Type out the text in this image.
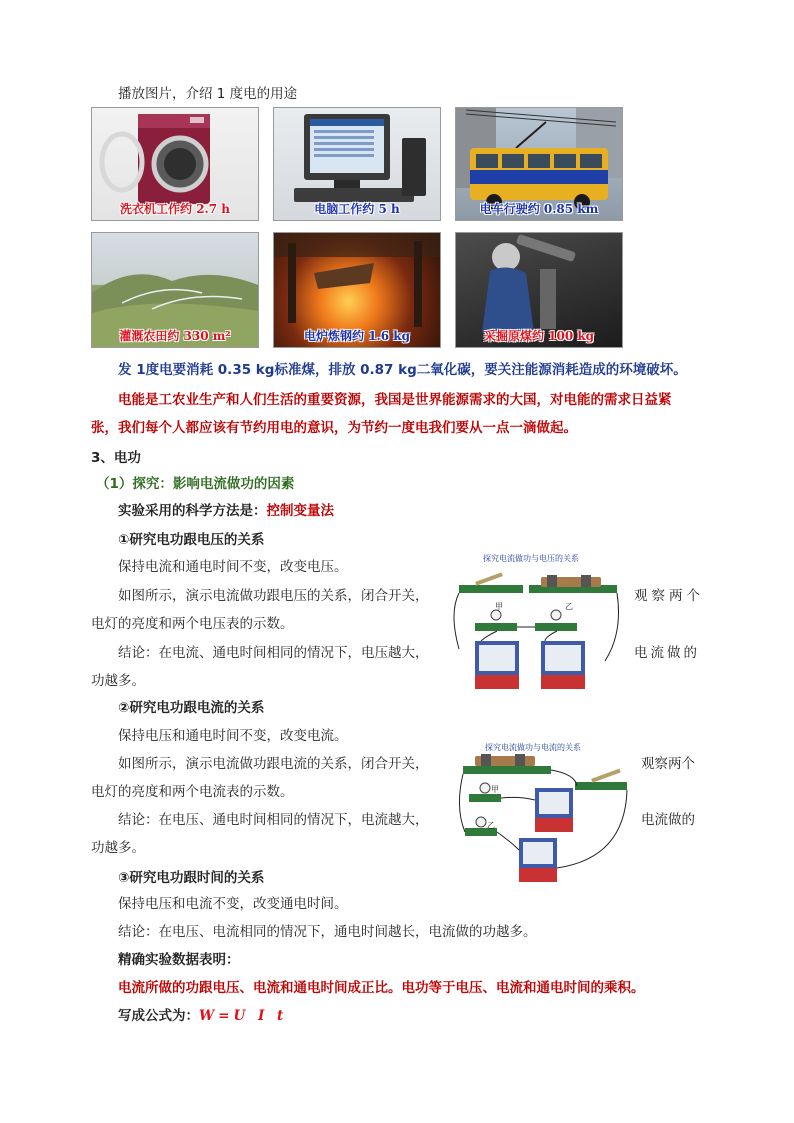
播放图片，介绍 1 度电的用途
洗衣机工作约 2.7 h	电脑工作约 5 h	电车行驶约 0.85 km
灌溉农田约 330 m²	电炉炼钢约 1.6 kg	采掘原煤约 100 kg
发 1度电要消耗 0.35 kg标准煤，排放 0.87 kg二氧化碳，要关注能源消耗造成的环境破坏。
电能是工农业生产和人们生活的重要资源，我国是世界能源需求的大国，对电能的需求日益紧
张，我们每个人都应该有节约用电的意识，为节约一度电我们要从一点一滴做起。
3、电功
（1）探究：影响电流做功的因素
实验采用的科学方法是：控制变量法
①研究电功跟电压的关系
保持电流和通电时间不变，改变电压。
如图所示，演示电流做功跟电压的关系，闭合开关，	观察两个
电灯的亮度和两个电压表的示数。
结论：在电流、通电时间相同的情况下，电压越大，	电流做的
功越多。
探究电流做功与电压的关系
甲	乙
②研究电功跟电流的关系
保持电压和通电时间不变，改变电流。
如图所示，演示电流做功跟电流的关系，闭合开关，	观察两个
电灯的亮度和两个电流表的示数。
结论：在电压、通电时间相同的情况下，电流越大，	电流做的
功越多。
探究电流做功与电流的关系
甲
乙
③研究电功跟时间的关系
保持电压和电流不变，改变通电时间。
结论：在电压、电流相同的情况下，通电时间越长，电流做的功越多。
精确实验数据表明：
电流所做的功跟电压、电流和通电时间成正比。电功等于电压、电流和通电时间的乘积。
写成公式为：W=U I t
